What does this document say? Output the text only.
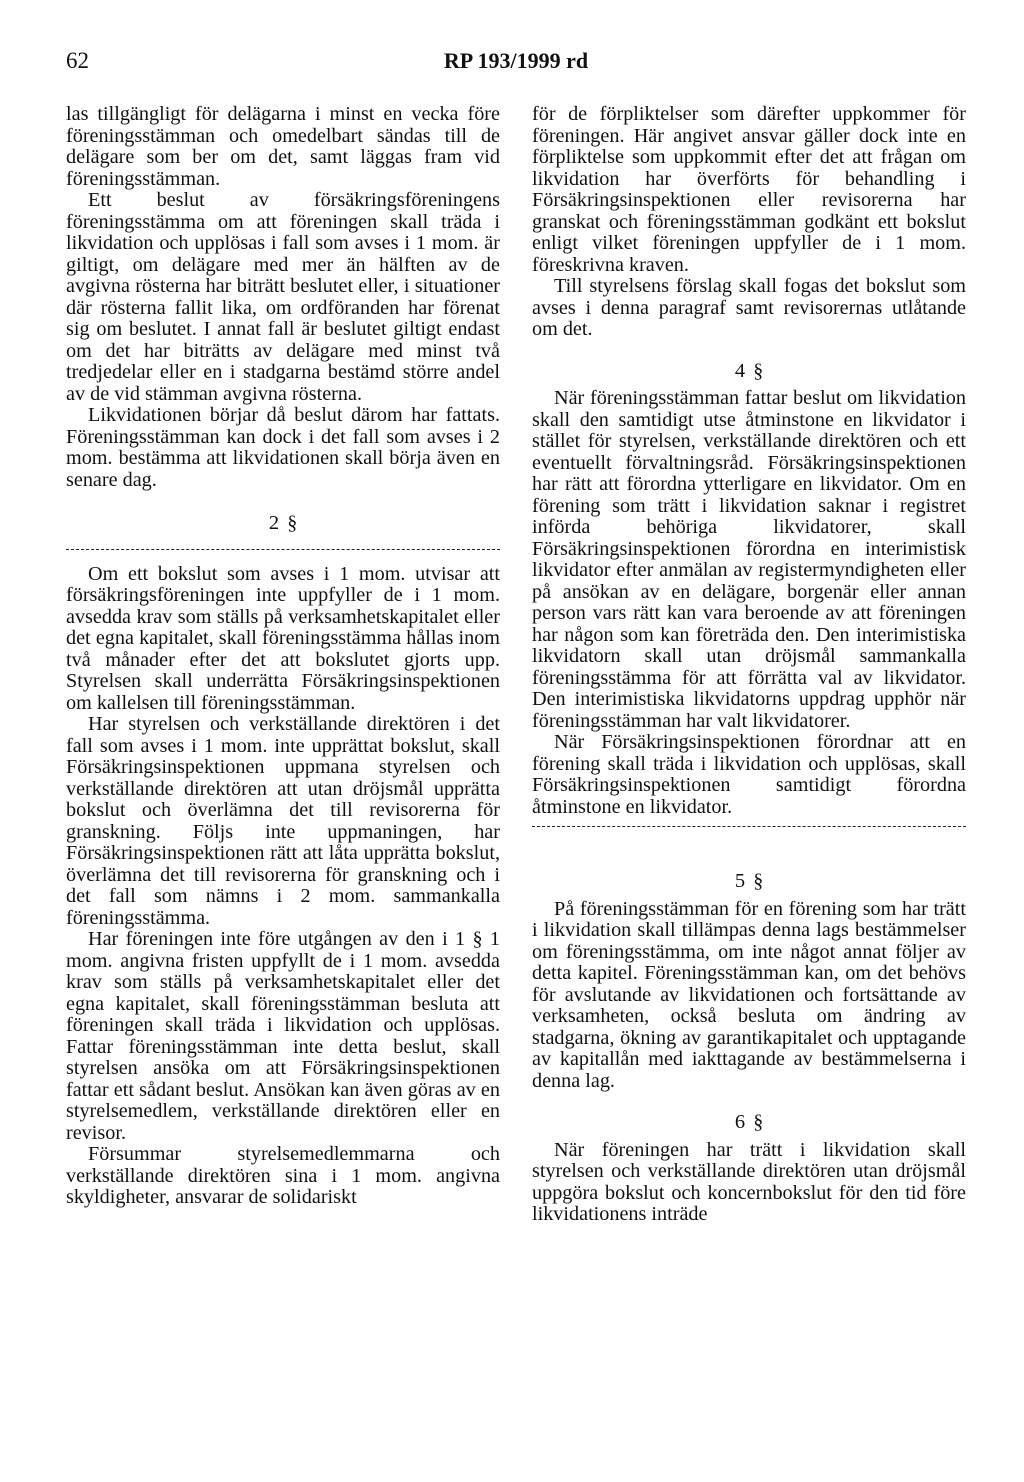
62	RP 193/1999 rd

las tillgängligt för delägarna i minst en vecka före föreningsstämman och omedelbart sändas till de delägare som ber om det, samt läggas fram vid föreningsstämman.

Ett beslut av försäkringsföreningens föreningsstämma om att föreningen skall träda i likvidation och upplösas i fall som avses i 1 mom. är giltigt, om delägare med mer än hälften av de avgivna rösterna har biträtt beslutet eller, i situationer där rösterna fallit lika, om ordföranden har förenat sig om beslutet. I annat fall är beslutet giltigt endast om det har biträtts av delägare med minst två tredjedelar eller en i stadgarna bestämd större andel av de vid stämman avgivna rösterna.

Likvidationen börjar då beslut därom har fattats. Föreningsstämman kan dock i det fall som avses i 2 mom. bestämma att likvidationen skall börja även en senare dag.

2 §

Om ett bokslut som avses i 1 mom. utvisar att försäkringsföreningen inte uppfyller de i 1 mom. avsedda krav som ställs på verksamhetskapitalet eller det egna kapitalet, skall föreningsstämma hållas inom två månader efter det att bokslutet gjorts upp. Styrelsen skall underrätta Försäkringsinspektionen om kallelsen till föreningsstämman.

Har styrelsen och verkställande direktören i det fall som avses i 1 mom. inte upprättat bokslut, skall Försäkringsinspektionen uppmana styrelsen och verkställande direktören att utan dröjsmål upprätta bokslut och överlämna det till revisorerna för granskning. Följs inte uppmaningen, har Försäkringsinspektionen rätt att låta upprätta bokslut, överlämna det till revisorerna för granskning och i det fall som nämns i 2 mom. sammankalla föreningsstämma.

Har föreningen inte före utgången av den i 1 § 1 mom. angivna fristen uppfyllt de i 1 mom. avsedda krav som ställs på verksamhetskapitalet eller det egna kapitalet, skall föreningsstämman besluta att föreningen skall träda i likvidation och upplösas. Fattar föreningsstämman inte detta beslut, skall styrelsen ansöka om att Försäkringsinspektionen fattar ett sådant beslut. Ansökan kan även göras av en styrelsemedlem, verkställande direktören eller en revisor.

Försummar styrelsemedlemmarna och verkställande direktören sina i 1 mom. angivna skyldigheter, ansvarar de solidariskt

för de förpliktelser som därefter uppkommer för föreningen. Här angivet ansvar gäller dock inte en förpliktelse som uppkommit efter det att frågan om likvidation har överförts för behandling i Försäkringsinspektionen eller revisorerna har granskat och föreningsstämman godkänt ett bokslut enligt vilket föreningen uppfyller de i 1 mom. föreskrivna kraven.

Till styrelsens förslag skall fogas det bokslut som avses i denna paragraf samt revisorernas utlåtande om det.

4 §

När föreningsstämman fattar beslut om likvidation skall den samtidigt utse åtminstone en likvidator i stället för styrelsen, verkställande direktören och ett eventuellt förvaltningsråd. Försäkringsinspektionen har rätt att förordna ytterligare en likvidator. Om en förening som trätt i likvidation saknar i registret införda behöriga likvidatorer, skall Försäkringsinspektionen förordna en interimistisk likvidator efter anmälan av registermyndigheten eller på ansökan av en delägare, borgenär eller annan person vars rätt kan vara beroende av att föreningen har någon som kan företräda den. Den interimistiska likvidatorn skall utan dröjsmål sammankalla föreningsstämma för att förrätta val av likvidator. Den interimistiska likvidatorns uppdrag upphör när föreningsstämman har valt likvidatorer.

När Försäkringsinspektionen förordnar att en förening skall träda i likvidation och upplösas, skall Försäkringsinspektionen samtidigt förordna åtminstone en likvidator.

5 §

På föreningsstämman för en förening som har trätt i likvidation skall tillämpas denna lags bestämmelser om föreningsstämma, om inte något annat följer av detta kapitel. Föreningsstämman kan, om det behövs för avslutande av likvidationen och fortsättande av verksamheten, också besluta om ändring av stadgarna, ökning av garantikapitalet och upptagande av kapitallån med iakttagande av bestämmelserna i denna lag.

6 §

När föreningen har trätt i likvidation skall styrelsen och verkställande direktören utan dröjsmål uppgöra bokslut och koncernbokslut för den tid före likvidationens inträde
